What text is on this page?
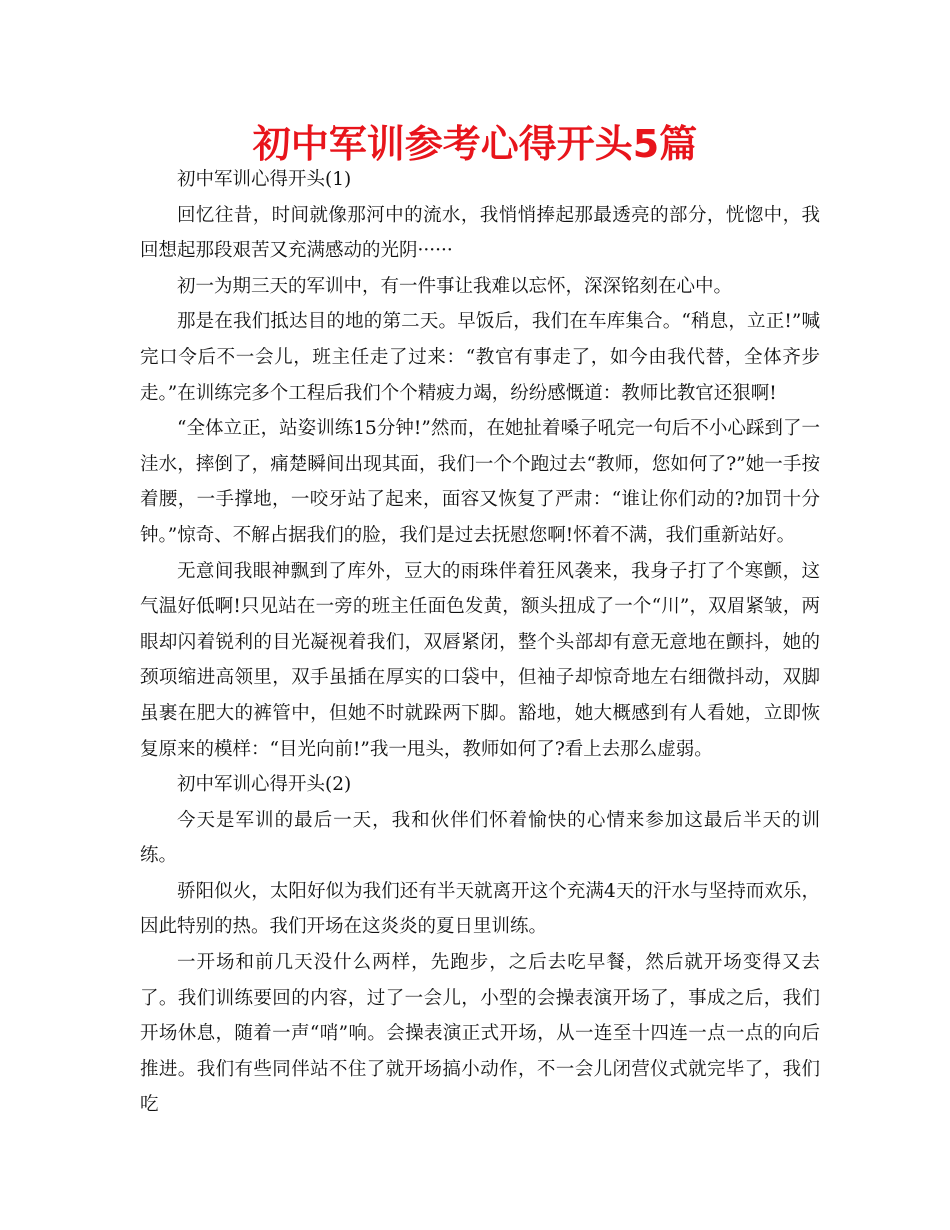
初中军训参考心得开头5篇

初中军训心得开头(1)

回忆往昔，时间就像那河中的流水，我悄悄捧起那最透亮的部分，恍惚中，我回想起那段艰苦又充满感动的光阴······

初一为期三天的军训中，有一件事让我难以忘怀，深深铭刻在心中。

那是在我们抵达目的地的第二天。早饭后，我们在车库集合。“稍息，立正!”喊完口令后不一会儿，班主任走了过来：“教官有事走了，如今由我代替，全体齐步走。”在训练完多个工程后我们个个精疲力竭，纷纷感慨道：教师比教官还狠啊!

“全体立正，站姿训练15分钟!”然而，在她扯着嗓子吼完一句后不小心踩到了一洼水，摔倒了，痛楚瞬间出现其面，我们一个个跑过去“教师，您如何了?”她一手按着腰，一手撑地，一咬牙站了起来，面容又恢复了严肃：“谁让你们动的?加罚十分钟。”惊奇、不解占据我们的脸，我们是过去抚慰您啊!怀着不满，我们重新站好。

无意间我眼神飘到了库外，豆大的雨珠伴着狂风袭来，我身子打了个寒颤，这气温好低啊!只见站在一旁的班主任面色发黄，额头扭成了一个“川”，双眉紧皱，两眼却闪着锐利的目光凝视着我们，双唇紧闭，整个头部却有意无意地在颤抖，她的颈项缩进高领里，双手虽插在厚实的口袋中，但袖子却惊奇地左右细微抖动，双脚虽裹在肥大的裤管中，但她不时就跺两下脚。豁地，她大概感到有人看她，立即恢复原来的模样：“目光向前!”我一甩头，教师如何了?看上去那么虚弱。

初中军训心得开头(2)

今天是军训的最后一天，我和伙伴们怀着愉快的心情来参加这最后半天的训练。

骄阳似火，太阳好似为我们还有半天就离开这个充满4天的汗水与坚持而欢乐，因此特别的热。我们开场在这炎炎的夏日里训练。

一开场和前几天没什么两样，先跑步，之后去吃早餐，然后就开场变得又去了。我们训练要回的内容，过了一会儿，小型的会操表演开场了，事成之后，我们开场休息，随着一声“哨”响。会操表演正式开场，从一连至十四连一点一点的向后推进。我们有些同伴站不住了就开场搞小动作，不一会儿闭营仪式就完毕了，我们吃
